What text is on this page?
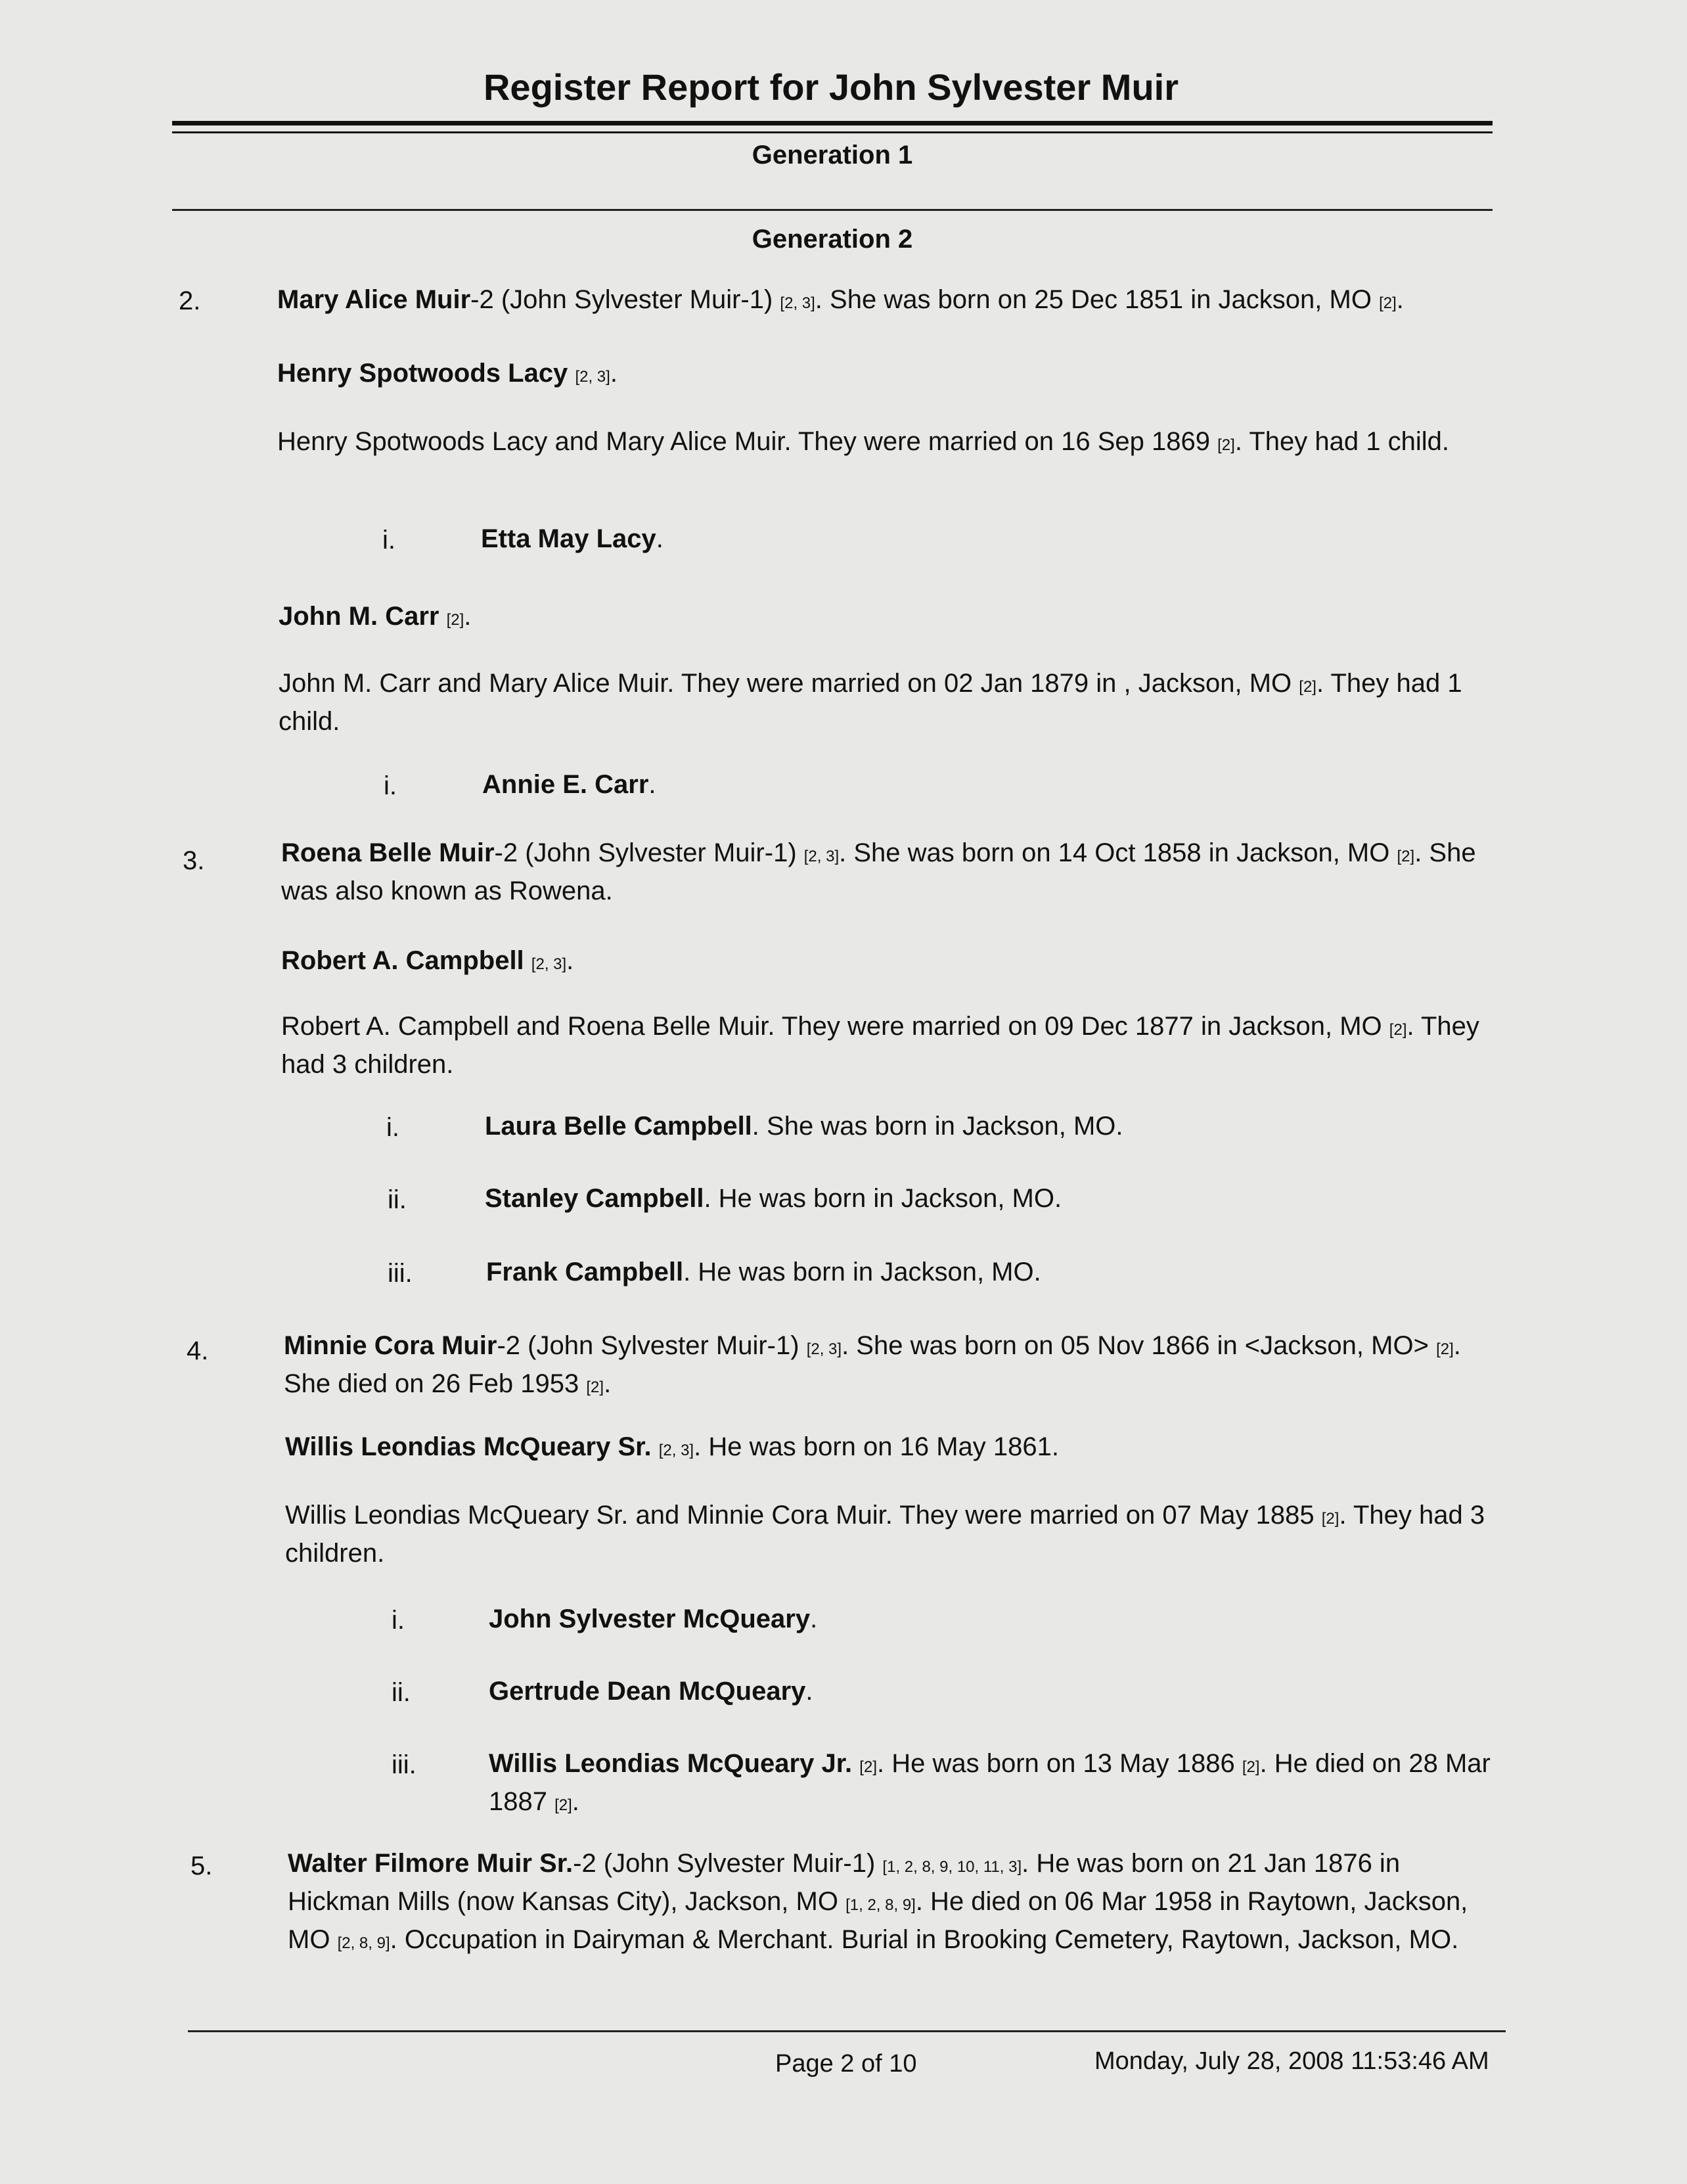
Register Report for John Sylvester Muir
Generation 1
Generation 2
2.	Mary Alice Muir-2 (John Sylvester Muir-1) [2, 3]. She was born on 25 Dec 1851 in Jackson, MO [2].

Henry Spotwoods Lacy [2, 3].

Henry Spotwoods Lacy and Mary Alice Muir. They were married on 16 Sep 1869 [2]. They had 1 child.

i.	Etta May Lacy.

John M. Carr [2].

John M. Carr and Mary Alice Muir. They were married on 02 Jan 1879 in , Jackson, MO [2]. They had 1 child.

i.	Annie E. Carr.

3.	Roena Belle Muir-2 (John Sylvester Muir-1) [2, 3]. She was born on 14 Oct 1858 in Jackson, MO [2]. She was also known as Rowena.

Robert A. Campbell [2, 3].

Robert A. Campbell and Roena Belle Muir. They were married on 09 Dec 1877 in Jackson, MO [2]. They had 3 children.

i.	Laura Belle Campbell. She was born in Jackson, MO.

ii.	Stanley Campbell. He was born in Jackson, MO.

iii.	Frank Campbell. He was born in Jackson, MO.

4.	Minnie Cora Muir-2 (John Sylvester Muir-1) [2, 3]. She was born on 05 Nov 1866 in <Jackson, MO> [2]. She died on 26 Feb 1953 [2].

Willis Leondias McQueary Sr. [2, 3]. He was born on 16 May 1861.

Willis Leondias McQueary Sr. and Minnie Cora Muir. They were married on 07 May 1885 [2]. They had 3 children.

i.	John Sylvester McQueary.

ii.	Gertrude Dean McQueary.

iii.	Willis Leondias McQueary Jr. [2]. He was born on 13 May 1886 [2]. He died on 28 Mar 1887 [2].

5.	Walter Filmore Muir Sr.-2 (John Sylvester Muir-1) [1, 2, 8, 9, 10, 11, 3]. He was born on 21 Jan 1876 in Hickman Mills (now Kansas City), Jackson, MO [1, 2, 8, 9]. He died on 06 Mar 1958 in Raytown, Jackson, MO [2, 8, 9]. Occupation in Dairyman & Merchant. Burial in Brooking Cemetery, Raytown, Jackson, MO.

Page 2 of 10	Monday, July 28, 2008 11:53:46 AM
